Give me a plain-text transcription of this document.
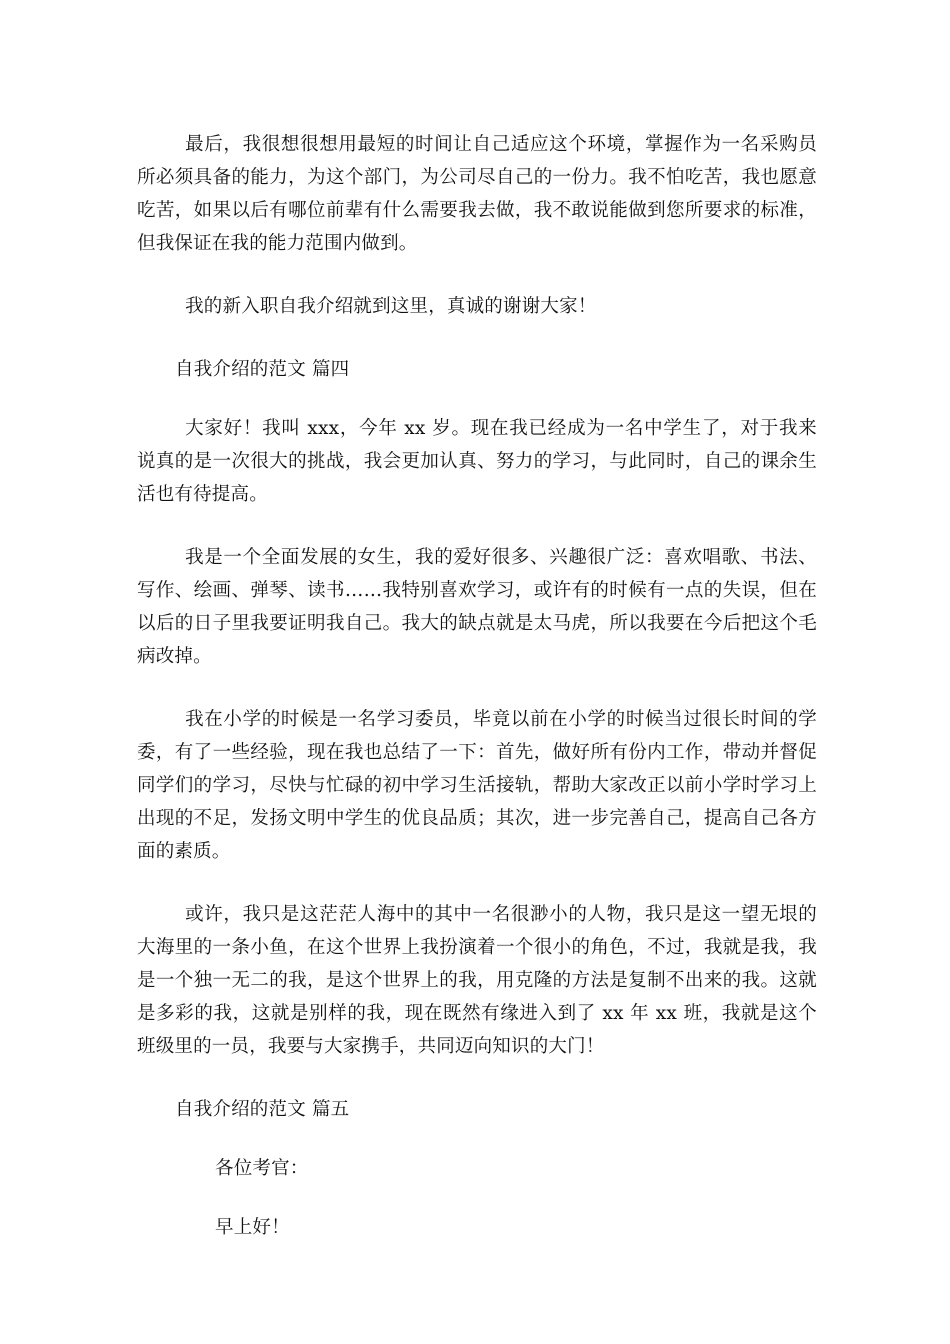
最后，我很想很想用最短的时间让自己适应这个环境，掌握作为一名采购员所必须具备的能力，为这个部门，为公司尽自己的一份力。我不怕吃苦，我也愿意吃苦，如果以后有哪位前辈有什么需要我去做，我不敢说能做到您所要求的标准，但我保证在我的能力范围内做到。

我的新入职自我介绍就到这里，真诚的谢谢大家！

自我介绍的范文 篇四

大家好！我叫 xxx，今年 xx 岁。现在我已经成为一名中学生了，对于我来说真的是一次很大的挑战，我会更加认真、努力的学习，与此同时，自己的课余生活也有待提高。

我是一个全面发展的女生，我的爱好很多、兴趣很广泛：喜欢唱歌、书法、写作、绘画、弹琴、读书……我特别喜欢学习，或许有的时候有一点的失误，但在以后的日子里我要证明我自己。我大的缺点就是太马虎，所以我要在今后把这个毛病改掉。

我在小学的时候是一名学习委员，毕竟以前在小学的时候当过很长时间的学委，有了一些经验，现在我也总结了一下：首先，做好所有份内工作，带动并督促同学们的学习，尽快与忙碌的初中学习生活接轨，帮助大家改正以前小学时学习上出现的不足，发扬文明中学生的优良品质；其次，进一步完善自己，提高自己各方面的素质。

或许，我只是这茫茫人海中的其中一名很渺小的人物，我只是这一望无垠的大海里的一条小鱼，在这个世界上我扮演着一个很小的角色，不过，我就是我，我是一个独一无二的我，是这个世界上的我，用克隆的方法是复制不出来的我。这就是多彩的我，这就是别样的我，现在既然有缘进入到了 xx 年 xx 班，我就是这个班级里的一员，我要与大家携手，共同迈向知识的大门！

自我介绍的范文 篇五

各位考官：

早上好！
